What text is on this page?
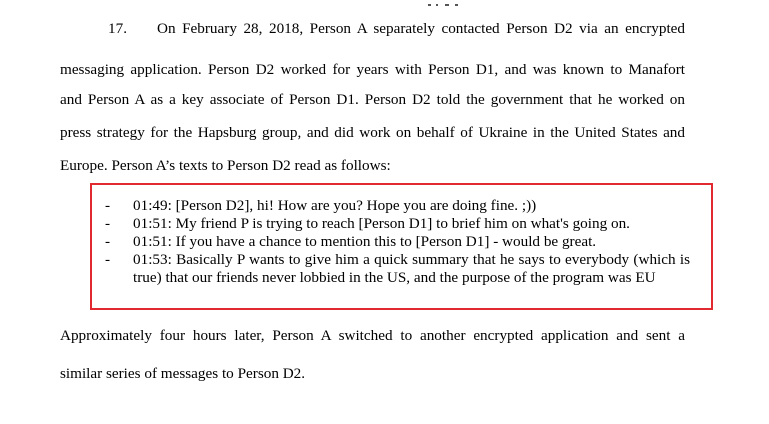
17. On February 28, 2018, Person A separately contacted Person D2 via an encrypted
messaging application. Person D2 worked for years with Person D1, and was known to Manafort
and Person A as a key associate of Person D1. Person D2 told the government that he worked on
press strategy for the Hapsburg group, and did work on behalf of Ukraine in the United States and
Europe. Person A’s texts to Person D2 read as follows:
- 01:49: [Person D2], hi! How are you? Hope you are doing fine. ;))
- 01:51: My friend P is trying to reach [Person D1] to brief him on what's going on.
- 01:51: If you have a chance to mention this to [Person D1] - would be great.
- 01:53: Basically P wants to give him a quick summary that he says to everybody (which is true) that our friends never lobbied in the US, and the purpose of the program was EU
Approximately four hours later, Person A switched to another encrypted application and sent a
similar series of messages to Person D2.
